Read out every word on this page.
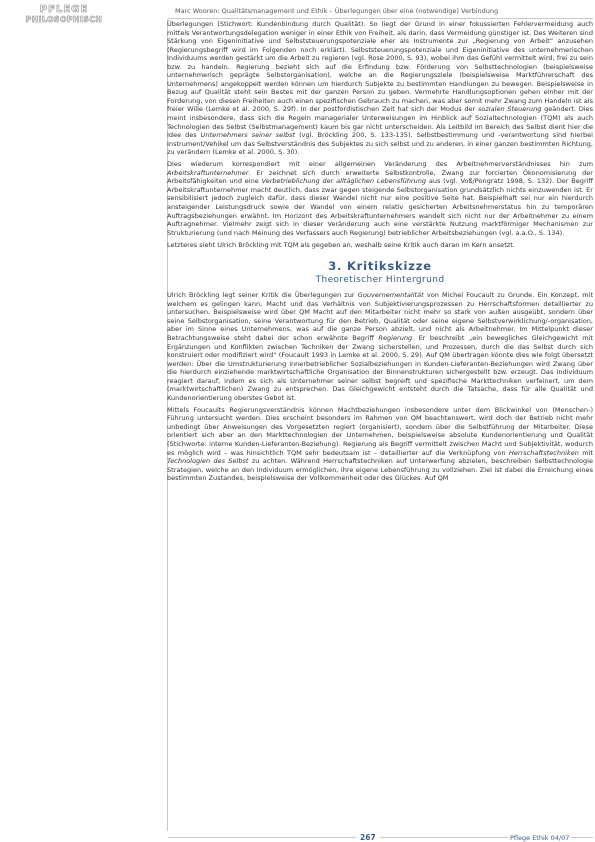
PFLEGE
PHILOSOPHISCH
Marc Wooren: Qualitätsmanagement und Ethik – Überlegungen über eine (notwendige) Verbindung

Überlegungen (Stichwort: Kundenbindung durch Qualität). So liegt der Grund in einer fokussierten Fehlervermeidung auch mittels Verantwortungsdelegation weniger in einer Ethik von Freiheit, als darin, dass Vermeidung günstiger ist. Des Weiteren sind Stärkung von Eigeninitiative und Selbststeuerungspotenziale eher als Instrumente zur „Regierung von Arbeit“ anzusehen (Regierungsbegriff wird im Folgenden noch erklärt). Selbststeuerungspotenziale und Eigeninitiative des unternehmerischen Individuums werden gestärkt um die Arbeit zu regieren (vgl. Rose 2000, S. 93), wobei ihm das Gefühl vermittelt wird, frei zu sein bzw. zu handeln. Regierung bezieht sich auf die Erfindung bzw. Förderung von Selbsttechnologien (beispielsweise unternehmerisch geprägte Selbstorganisation), welche an die Regierungsziele (beispielsweise Marktführerschaft des Unternehmens) angekoppelt werden können um hierdurch Subjekte zu bestimmten Handlungen zu bewegen. Beispielsweise in Bezug auf Qualität steht sein Bestes mit der ganzen Person zu geben. Vermehrte Handlungsoptionen gehen einher mit der Forderung, von diesen Freiheiten auch einen spezifischen Gebrauch zu machen, was aber somit mehr Zwang zum Handeln ist als freier Wille (Lemke et al. 2000, S. 29f). In der postfordistischen Zeit hat sich der Modus der sozialen Steuerung geändert. Dies meint insbesondere, dass sich die Regeln managerialer Unterweisungen im Hinblick auf Sozialtechnologien (TQM) als auch Technologien des Selbst (Selbstmanagement) kaum bis gar nicht unterscheiden. Als Leitbild im Bereich des Selbst dient hier die Idee des Unternehmers seiner selbst (vgl. Bröckling 200, S. 133-135). Selbstbestimmung und -verantwortung sind hierbei Instrument/Vehikel um das Selbstverständnis des Subjektes zu sich selbst und zu anderen, in einer ganzen bestimmten Richtung, zu verändern (Lemke et al. 2000, S. 30).

Dies wiederum korrespondiert mit einer allgemeinen Veränderung des Arbeitnehmerverständnisses hin zum Arbeitskraftunternehmer. Er zeichnet sich durch erweiterte Selbstkontrolle, Zwang zur forcierten Ökonomisierung der Arbeitsfähigkeiten und eine Verbetrieblichung der alltäglichen Lebensführung aus (vgl. Voß/Pongratz 1998, S. 132). Der Begriff Arbeitskraftunternehmer macht deutlich, dass zwar gegen steigende Selbstorganisation grundsätzlich nichts einzuwenden ist. Er sensibilisiert jedoch zugleich dafür, dass dieser Wandel nicht nur eine positive Seite hat. Beispielhaft sei nur ein hierdurch ansteigender Leistungsdruck sowie der Wandel von einem relativ gesicherten Arbeitsnehmerstatus hin zu temporären Auftragsbeziehungen erwähnt. Im Horizont des Arbeitskraftunternehmers wandelt sich nicht nur der Arbeitnehmer zu einem Auftragnehmer. Vielmehr zeigt sich in dieser Veränderung auch eine verstärkte Nutzung marktförmiger Mechanismen zur Strukturierung (und nach Meinung des Verfassers auch Regierung) betrieblicher Arbeitsbeziehungen (vgl. a.a.O., S. 134).

Letzteres sieht Ulrich Bröckling mit TQM als gegeben an, weshalb seine Kritik auch daran im Kern ansetzt.

3. Kritikskizze
Theoretischer Hintergrund

Ulrich Bröckling legt seiner Kritik die Überlegungen zur Gouvernementalität von Michel Foucault zu Grunde. Ein Konzept, mit welchem es gelingen kann, Macht und das Verhältnis von Subjektivierungsprozessen zu Herrschaftsformen detaillierter zu untersuchen. Beispielsweise wird über QM Macht auf den Mitarbeiter nicht mehr so stark von außen ausgeübt, sondern über seine Selbstorganisation, seine Verantwortung für den Betrieb, Qualität oder seine eigene Selbstverwirklichung/-organisation, aber im Sinne eines Unternehmens, was auf die ganze Person abzielt, und nicht als Arbeitnehmer. Im Mittelpunkt dieser Betrachtungsweise steht dabei der schon erwähnte Begriff Regierung. Er beschreibt „ein bewegliches Gleichgewicht mit Ergänzungen und Konflikten zwischen Techniken der Zwang sicherstellen, und Prozessen, durch die das Selbst durch sich konstruiert oder modifiziert wird“ (Foucault 1993 in Lemke et al. 2000, S. 29). Auf QM übertragen könnte dies wie folgt übersetzt werden: Über die Umstrukturierung innerbetrieblicher Sozialbeziehungen in Kunden-Lieferanten-Beziehungen wird Zwang über die hierdurch einziehende marktwirtschaftliche Organisation der Binnenstrukturen sichergestellt bzw. erzeugt. Das Individuum reagiert darauf, indem es sich als Unternehmer seiner selbst begreift und spezifische Markttechniken verfeinert, um dem (marktwirtschaftlichen) Zwang zu entsprechen. Das Gleichgewicht entsteht durch die Tatsache, dass für alle Qualität und Kundenorientierung oberstes Gebot ist.

Mittels Foucaults Regierungsverständnis können Machtbeziehungen insbesondere unter dem Blickwinkel von (Menschen-) Führung untersucht werden. Dies erscheint besonders im Rahmen von QM beachtenswert, wird doch der Betrieb nicht mehr unbedingt über Anweisungen des Vorgesetzten regiert (organisiert), sondern über die Selbstführung der Mitarbeiter. Diese orientiert sich aber an den Markttechnologien der Unternehmen, beispielsweise absolute Kundenorientierung und Qualität (Stichworte: interne Kunden-Lieferanten-Beziehung). Regierung als Begriff vermittelt zwischen Macht und Subjektivität, wodurch es möglich wird – was hinsichtlich TQM sehr bedeutsam ist – detaillierter auf die Verknüpfung von Herrschaftstechniken mit Technologien des Selbst zu achten. Während Herrschaftstechniken auf Unterwerfung abzielen, beschreiben Selbsttechnologie Strategien, welche an den Individuum ermöglichen, ihre eigene Lebensführung zu vollziehen. Ziel ist dabei die Erreichung eines bestimmten Zustandes, beispielsweise der Vollkommenheit oder des Glückes. Auf QM

267	Pflege Ethik 04/07
